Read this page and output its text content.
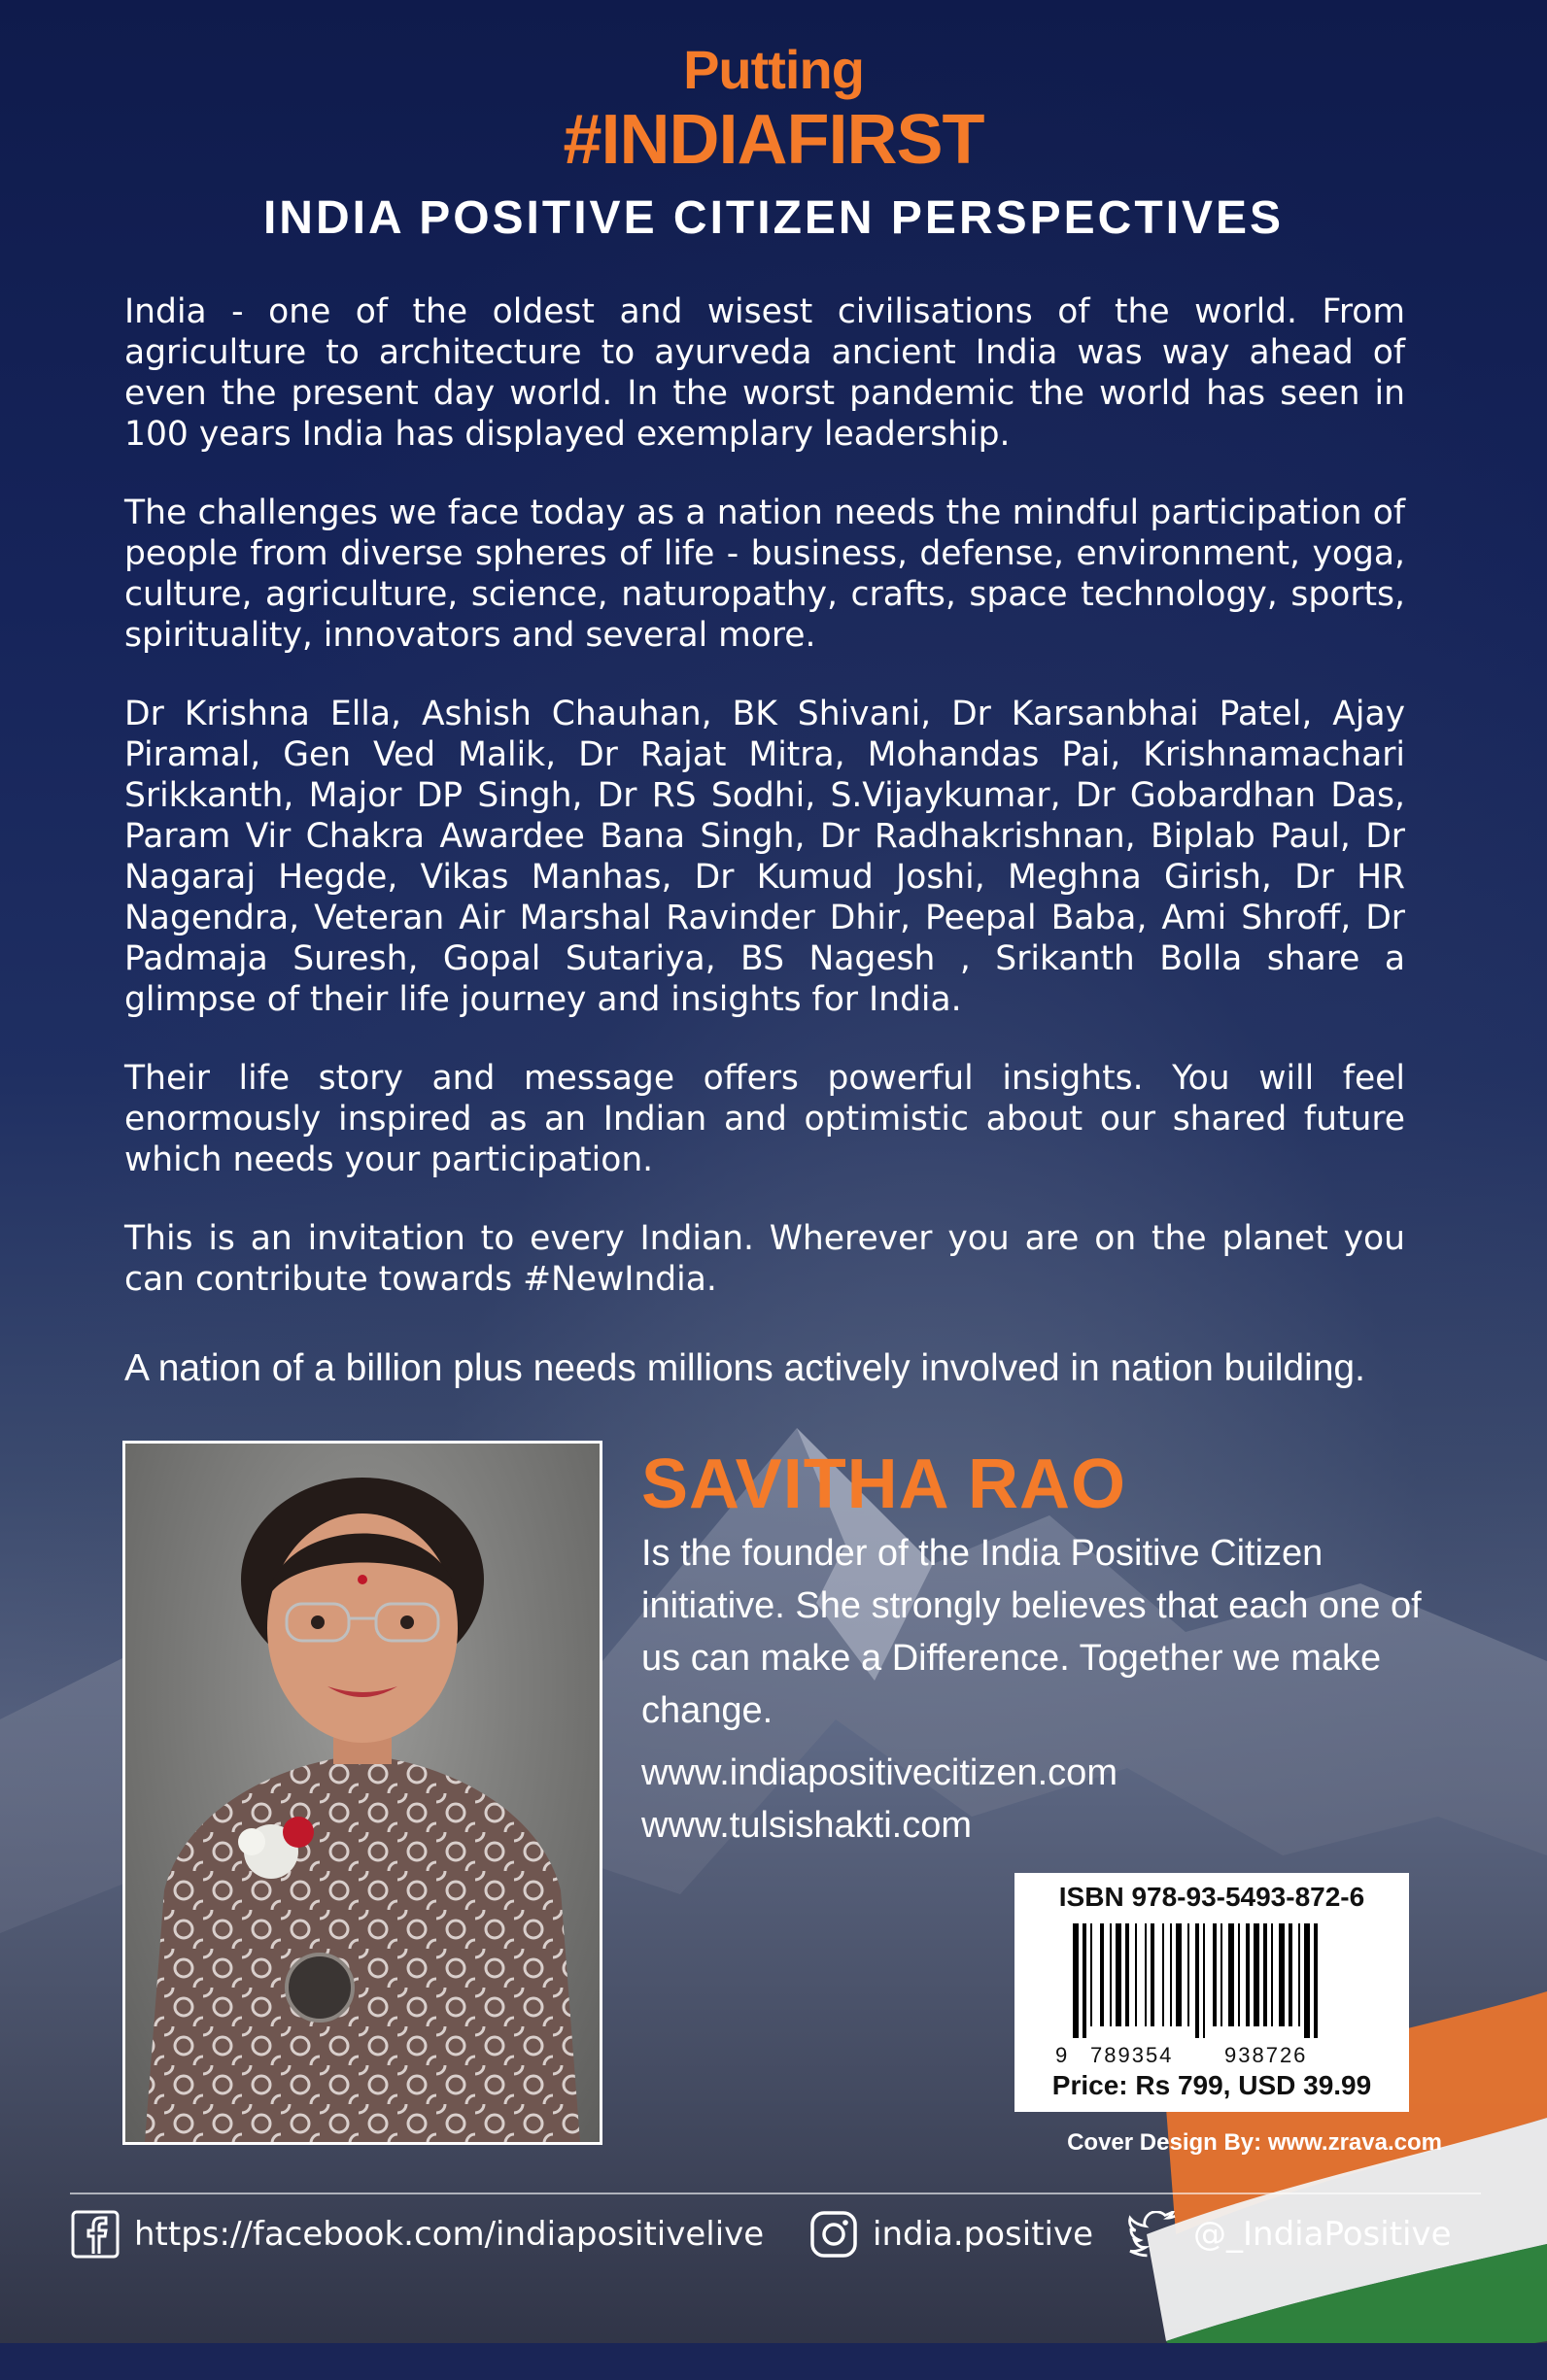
Putting
#INDIAFIRST
INDIA POSITIVE CITIZEN PERSPECTIVES

India - one of the oldest and wisest civilisations of the world. From agriculture to architecture to ayurveda ancient India was way ahead of even the present day world. In the worst pandemic the world has seen in 100 years India has displayed exemplary leadership.

The challenges we face today as a nation needs the mindful participation of people from diverse spheres of life - business, defense, environment, yoga, culture, agriculture, science, naturopathy, crafts, space technology, sports, spirituality, innovators and several more.

Dr Krishna Ella, Ashish Chauhan, BK Shivani, Dr Karsanbhai Patel, Ajay Piramal, Gen Ved Malik, Dr Rajat Mitra, Mohandas Pai, Krishnamachari Srikkanth, Major DP Singh, Dr RS Sodhi, S.Vijaykumar, Dr Gobardhan Das, Param Vir Chakra Awardee Bana Singh, Dr Radhakrishnan, Biplab Paul, Dr Nagaraj Hegde, Vikas Manhas, Dr Kumud Joshi, Meghna Girish, Dr HR Nagendra, Veteran Air Marshal Ravinder Dhir, Peepal Baba, Ami Shroff, Dr Padmaja Suresh, Gopal Sutariya, BS Nagesh , Srikanth Bolla share a glimpse of their life journey and insights for India.

Their life story and message offers powerful insights. You will feel enormously inspired as an Indian and optimistic about our shared future which needs your participation.

This is an invitation to every Indian. Wherever you are on the planet you can contribute towards #NewIndia.

A nation of a billion plus needs millions actively involved in nation building.
SAVITHA RAO
Is the founder of the India Positive Citizen initiative. She strongly believes that each one of us can make a Difference. Together we make change.
www.indiapositivecitizen.com
www.tulsishakti.com
ISBN 978-93-5493-872-6
9 789354 938726
Price: Rs 799, USD 39.99
Cover Design By: www.zrava.com
https://facebook.com/indiapositivelive	india.positive	@_IndiaPositive
